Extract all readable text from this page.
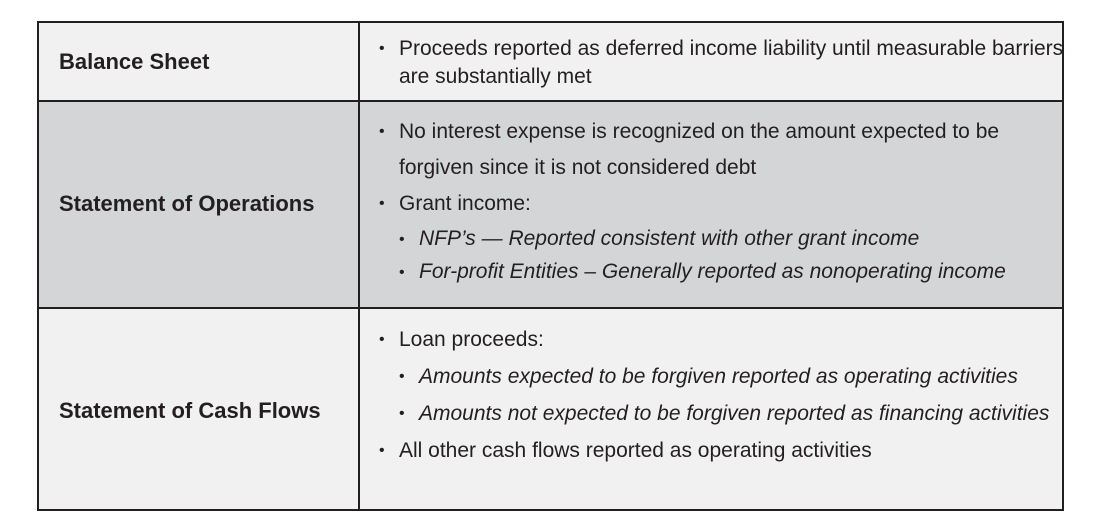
Balance Sheet
• Proceeds reported as deferred income liability until measurable barriers are substantially met
Statement of Operations
• No interest expense is recognized on the amount expected to be forgiven since it is not considered debt
• Grant income:
• NFP’s — Reported consistent with other grant income
• For-profit Entities – Generally reported as nonoperating income
Statement of Cash Flows
• Loan proceeds:
• Amounts expected to be forgiven reported as operating activities
• Amounts not expected to be forgiven reported as financing activities
• All other cash flows reported as operating activities
